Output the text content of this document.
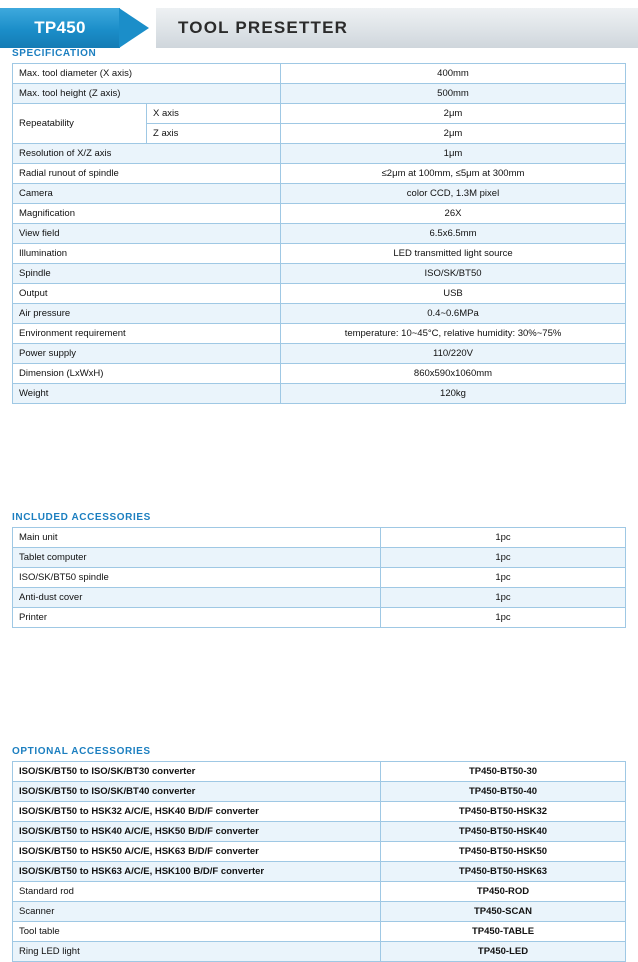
TP450	TOOL PRESETTER
SPECIFICATION
Max. tool diameter (X axis)		400mm
Max. tool height (Z axis)		500mm
Repeatability	X axis	2μm
	Z axis	2μm
Resolution of X/Z axis		1μm
Radial runout of spindle		≤2μm at 100mm, ≤5μm at 300mm
Camera		color CCD, 1.3M pixel
Magnification		26X
View field		6.5x6.5mm
Illumination		LED transmitted light source
Spindle		ISO/SK/BT50
Output		USB
Air pressure		0.4~0.6MPa
Environment requirement		temperature: 10~45°C, relative humidity: 30%~75%
Power supply		110/220V
Dimension (LxWxH)		860x590x1060mm
Weight		120kg
INCLUDED ACCESSORIES
Main unit	1pc
Tablet computer	1pc
ISO/SK/BT50 spindle	1pc
Anti-dust cover	1pc
Printer	1pc
OPTIONAL ACCESSORIES
ISO/SK/BT50 to ISO/SK/BT30 converter	TP450-BT50-30
ISO/SK/BT50 to ISO/SK/BT40 converter	TP450-BT50-40
ISO/SK/BT50 to HSK32 A/C/E, HSK40 B/D/F converter	TP450-BT50-HSK32
ISO/SK/BT50 to HSK40 A/C/E, HSK50 B/D/F converter	TP450-BT50-HSK40
ISO/SK/BT50 to HSK50 A/C/E, HSK63 B/D/F converter	TP450-BT50-HSK50
ISO/SK/BT50 to HSK63 A/C/E, HSK100 B/D/F converter	TP450-BT50-HSK63
Standard rod	TP450-ROD
Scanner	TP450-SCAN
Tool table	TP450-TABLE
Ring LED light	TP450-LED
